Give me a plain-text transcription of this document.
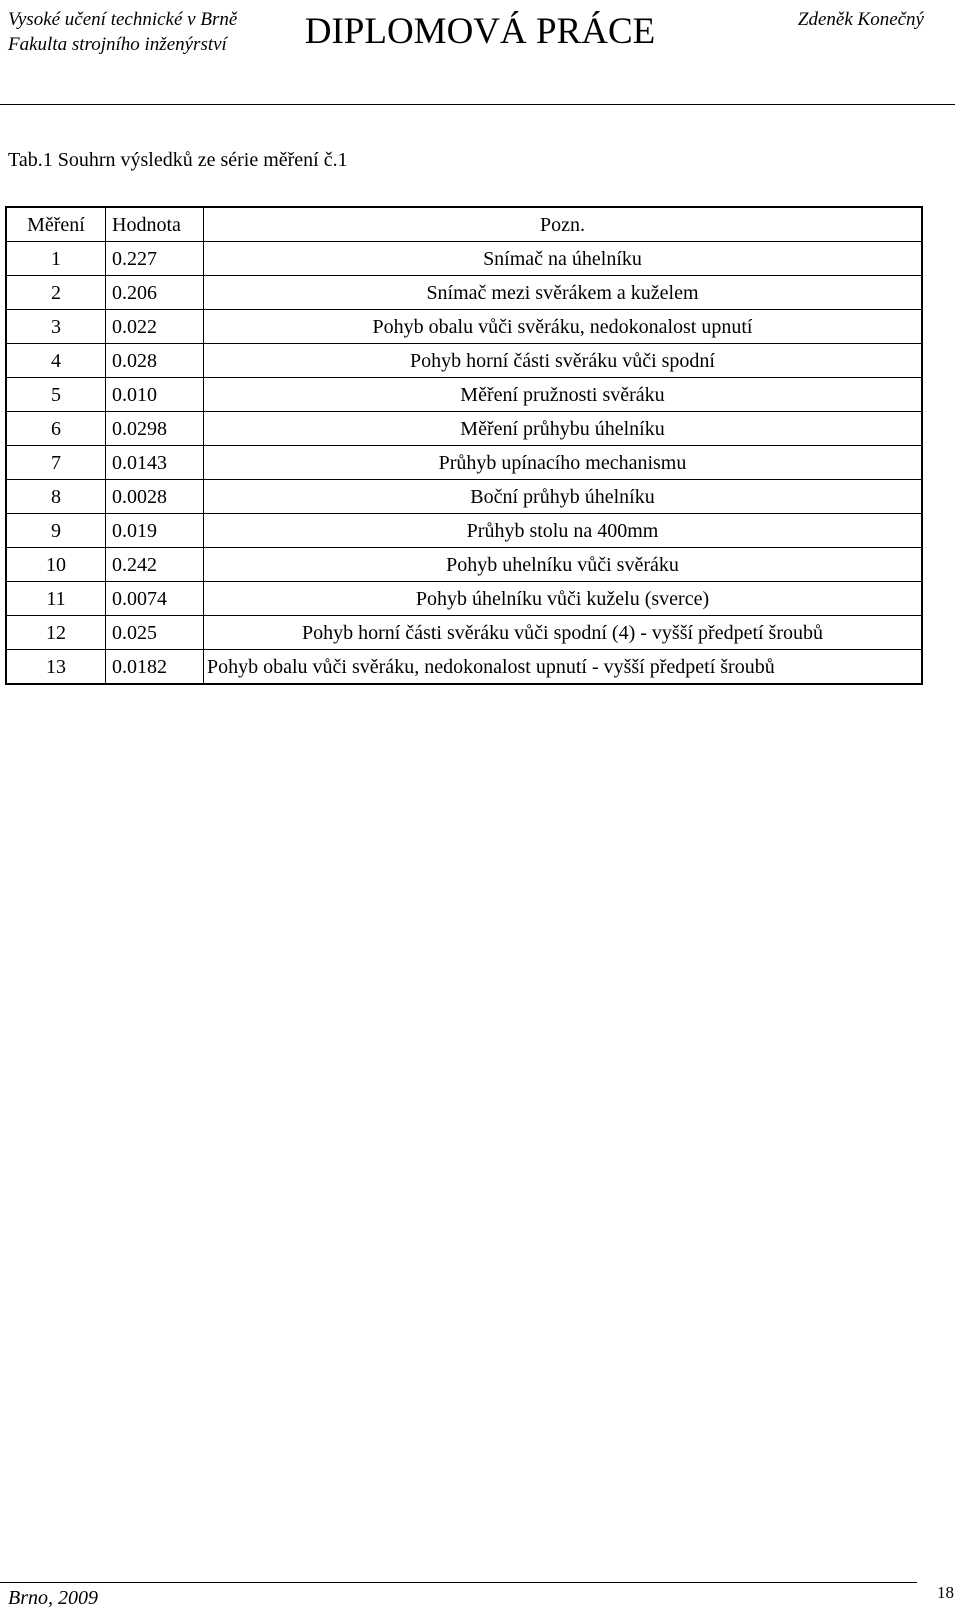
Vysoké učení technické v Brně
Fakulta strojního inženýrství	DIPLOMOVÁ PRÁCE	Zdeněk Konečný
Tab.1 Souhrn výsledků ze série měření č.1
Měření	Hodnota	Pozn.
1	0.227	Snímač na úhelníku
2	0.206	Snímač mezi svěrákem a kuželem
3	0.022	Pohyb obalu vůči svěráku, nedokonalost upnutí
4	0.028	Pohyb horní části svěráku vůči spodní
5	0.010	Měření pružnosti svěráku
6	0.0298	Měření průhybu úhelníku
7	0.0143	Průhyb upínacího mechanismu
8	0.0028	Boční průhyb úhelníku
9	0.019	Průhyb stolu na 400mm
10	0.242	Pohyb uhelníku vůči svěráku
11	0.0074	Pohyb úhelníku vůči kuželu (sverce)
12	0.025	Pohyb horní části svěráku vůči spodní (4) - vyšší předpetí šroubů
13	0.0182	Pohyb obalu vůči svěráku, nedokonalost upnutí - vyšší předpetí šroubů
Brno, 2009	18
